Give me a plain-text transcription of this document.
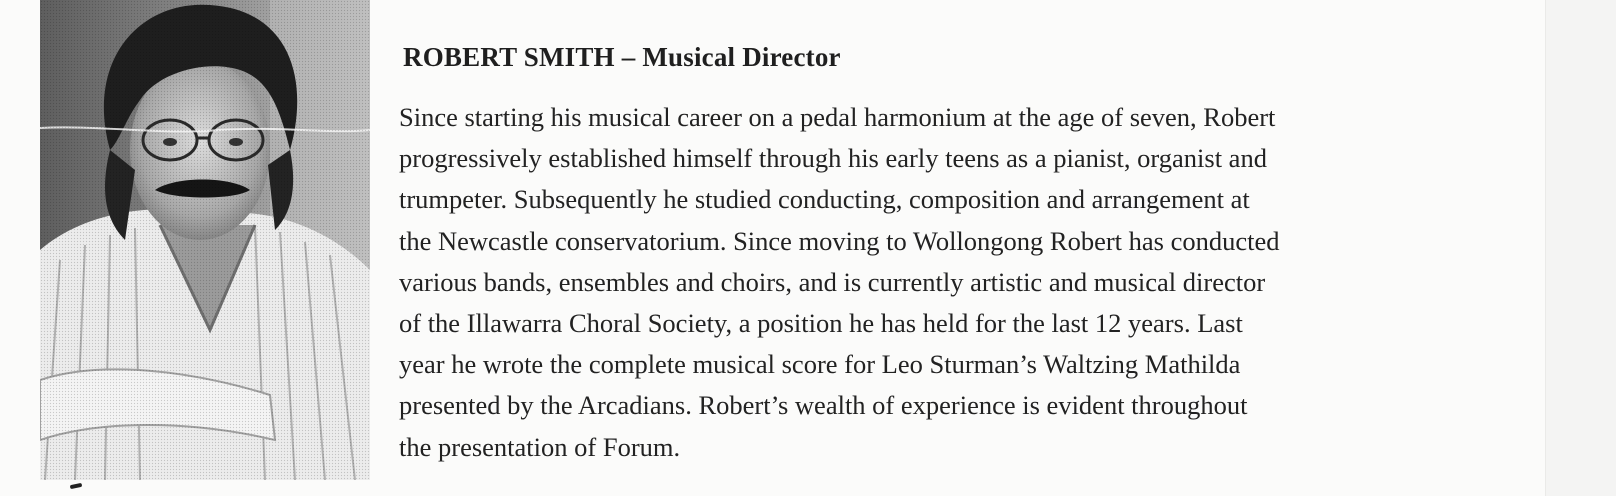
ROBERT SMITH – Musical Director

Since starting his musical career on a pedal harmonium at the age of seven, Robert
progressively established himself through his early teens as a pianist, organist and
trumpeter. Subsequently he studied conducting, composition and arrangement at
the Newcastle conservatorium. Since moving to Wollongong Robert has conducted
various bands, ensembles and choirs, and is currently artistic and musical director
of the Illawarra Choral Society, a position he has held for the last 12 years. Last
year he wrote the complete musical score for Leo Sturman’s Waltzing Mathilda
presented by the Arcadians. Robert’s wealth of experience is evident throughout
the presentation of Forum.
